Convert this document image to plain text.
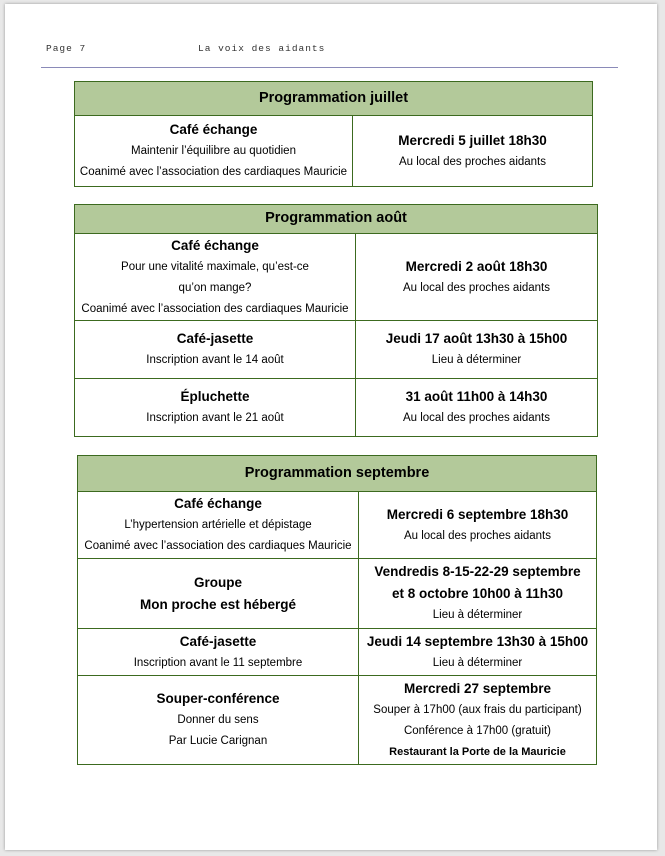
Page 7	La voix des aidants
Programmation juillet
Café échange
Maintenir l’équilibre au quotidien
Coanimé avec l’association des cardiaques Mauricie
Mercredi 5 juillet 18h30
Au local des proches aidants
Programmation août
Café échange
Pour une vitalité maximale, qu’est-ce
qu’on mange?
Coanimé avec l’association des cardiaques Mauricie
Mercredi 2 août 18h30
Au local des proches aidants
Café-jasette
Inscription avant le 14 août
Jeudi 17 août 13h30 à 15h00
Lieu à déterminer
Épluchette
Inscription avant le 21 août
31 août 11h00 à 14h30
Au local des proches aidants
Programmation septembre
Café échange
L’hypertension artérielle et dépistage
Coanimé avec l’association des cardiaques Mauricie
Mercredi 6 septembre 18h30
Au local des proches aidants
Groupe
Mon proche est hébergé
Vendredis 8-15-22-29 septembre
et 8 octobre 10h00 à 11h30
Lieu à déterminer
Café-jasette
Inscription avant le 11 septembre
Jeudi 14 septembre 13h30 à 15h00
Lieu à déterminer
Souper-conférence
Donner du sens
Par Lucie Carignan
Mercredi 27 septembre
Souper à 17h00 (aux frais du participant)
Conférence à 17h00 (gratuit)
Restaurant la Porte de la Mauricie
